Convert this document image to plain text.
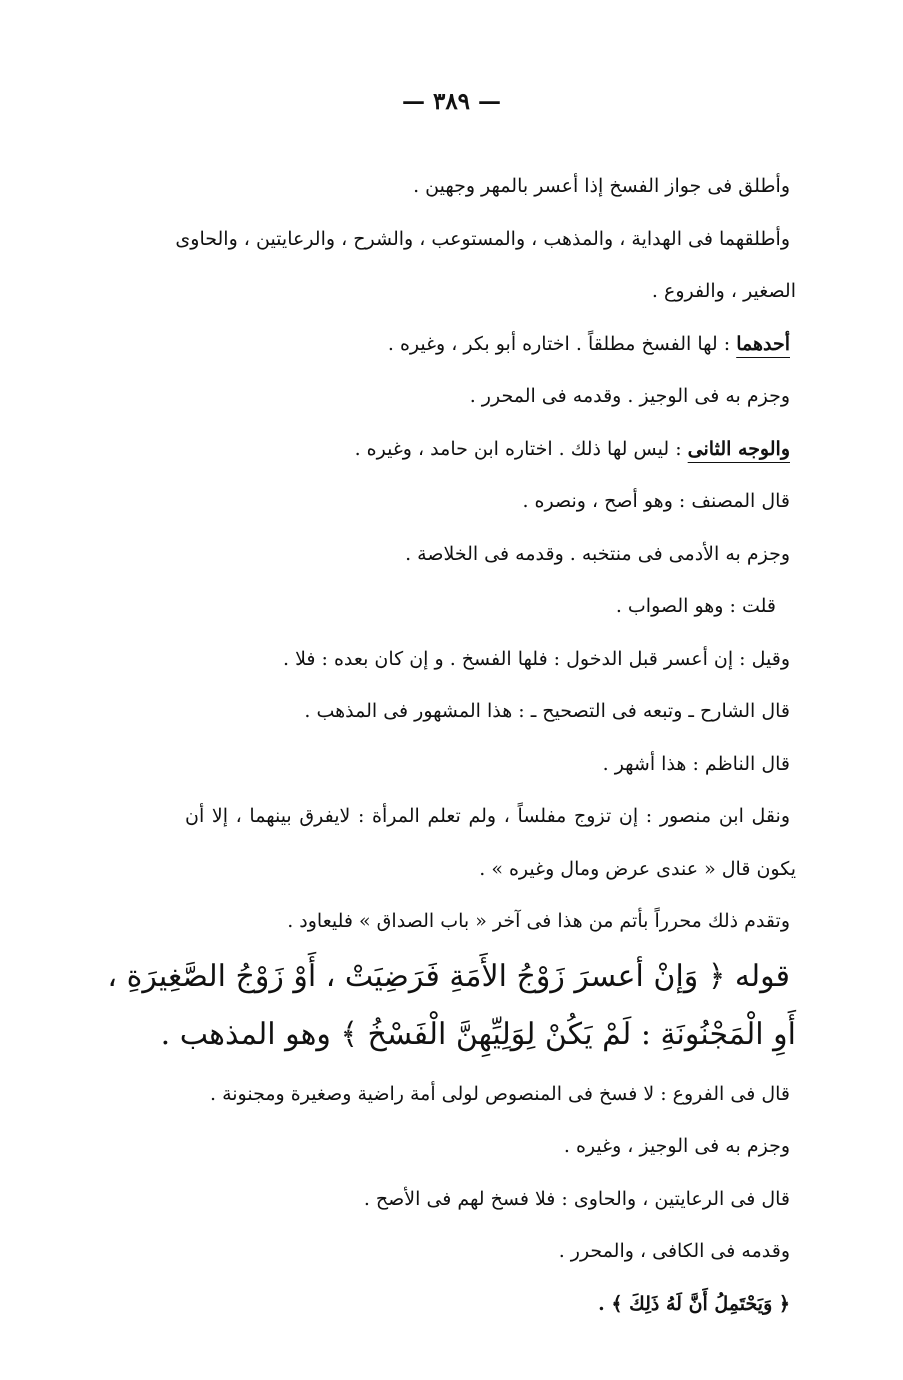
— ٣٨٩ —
وأطلق فى جواز الفسخ إذا أعسر بالمهر وجهين .
وأطلقهما فى الهداية ، والمذهب ، والمستوعب ، والشرح ، والرعايتين ، والحاوى
الصغير ، والفروع .
أحدهما : لها الفسخ مطلقاً . اختاره أبو بكر ، وغيره .
وجزم به فى الوجيز . وقدمه فى المحرر .
والوجه الثانى : ليس لها ذلك . اختاره ابن حامد ، وغيره .
قال المصنف : وهو أصح ، ونصره .
وجزم به الأدمى فى منتخبه . وقدمه فى الخلاصة .
قلت : وهو الصواب .
وقيل : إن أعسر قبل الدخول : فلها الفسخ . و إن كان بعده : فلا .
قال الشارح ـ وتبعه فى التصحيح ـ : هذا المشهور فى المذهب .
قال الناظم : هذا أشهر .
ونقل ابن منصور : إن تزوج مفلساً ، ولم تعلم المرأة : لايفرق بينهما ، إلا أن
يكون قال « عندى عرض ومال وغيره » .
وتقدم ذلك محرراً بأتم من هذا فى آخر « باب الصداق » فليعاود .
قوله ﴿ وَإنْ أعسرَ زَوْجُ الأَمَةِ فَرَضِيَتْ ، أَوْ زَوْجُ الصَّغِيرَةِ ،
أَوِ الْمَجْنُونَةِ : لَمْ يَكُنْ لِوَلِيِّهِنَّ الْفَسْخُ ﴾ وهو المذهب .
قال فى الفروع : لا فسخ فى المنصوص لولى أمة راضية وصغيرة ومجنونة .
وجزم به فى الوجيز ، وغيره .
قال فى الرعايتين ، والحاوى : فلا فسخ لهم فى الأصح .
وقدمه فى الكافى ، والمحرر .
﴿ وَيَحْتَمِلُ أَنَّ لَهُ ذَلِكَ ﴾ .
